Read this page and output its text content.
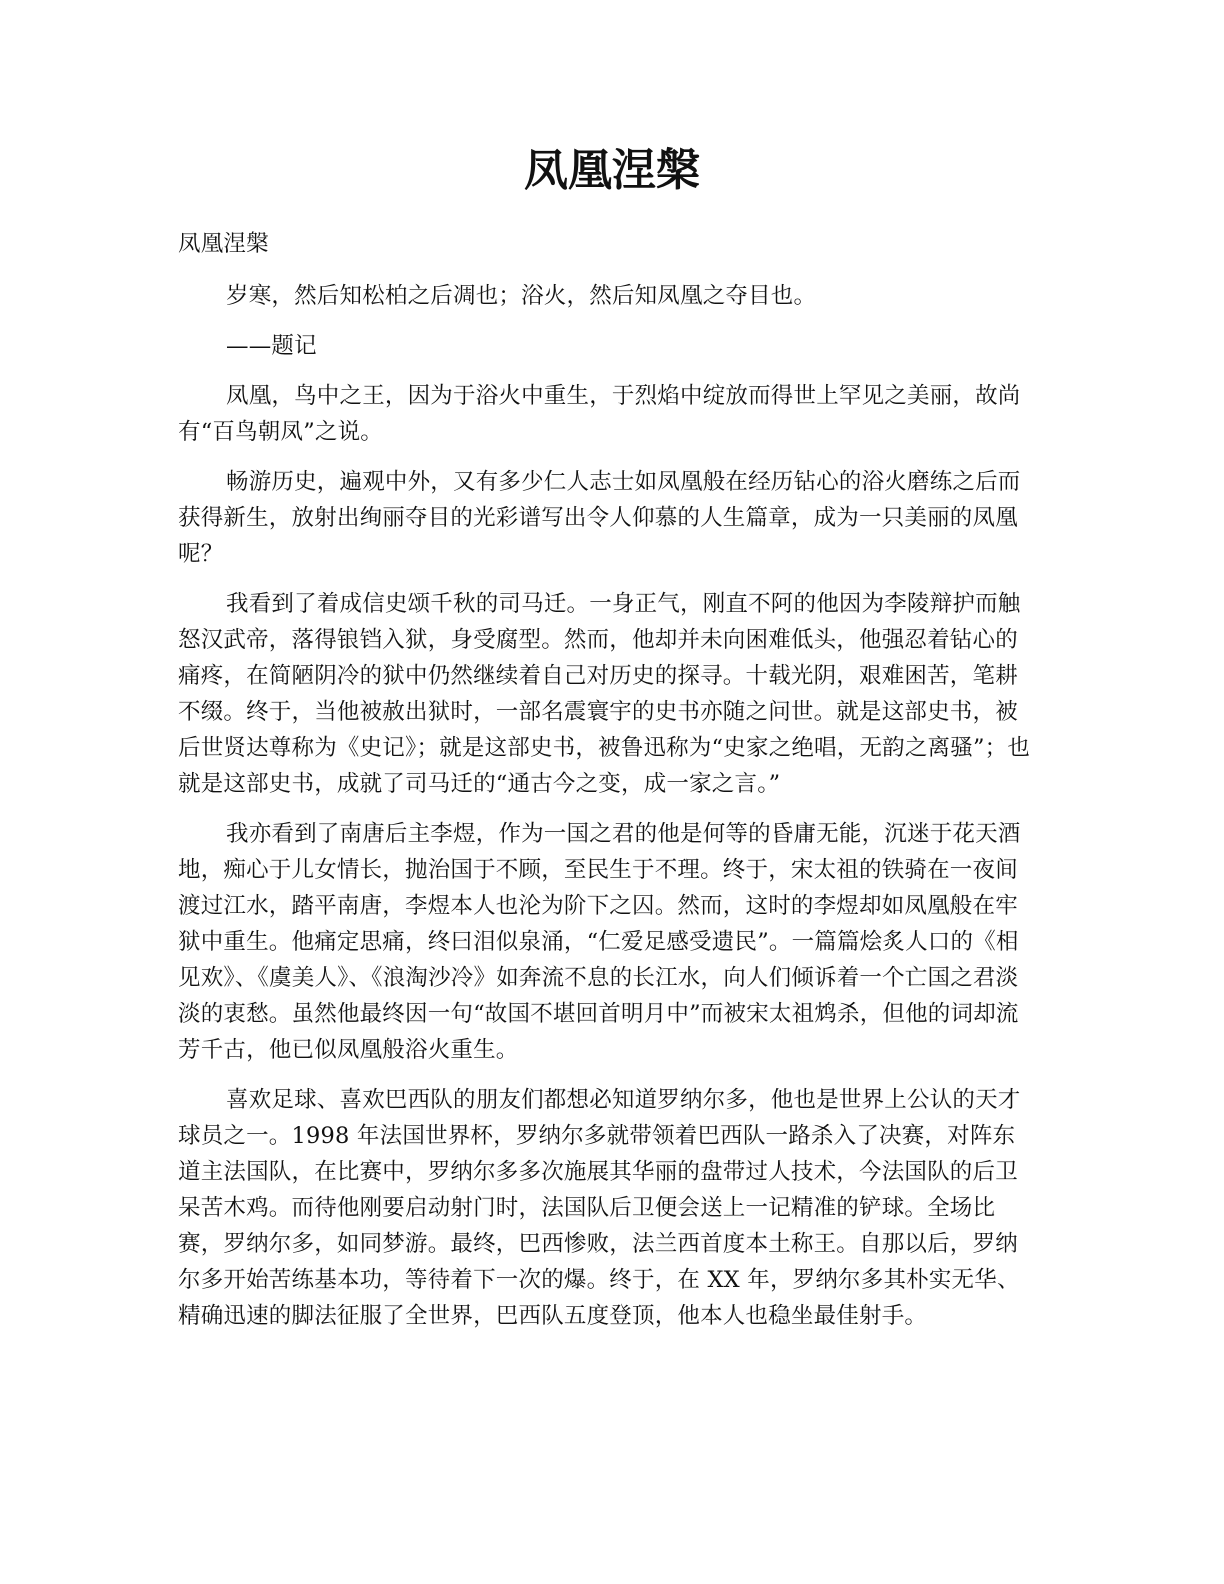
凤凰涅槃

凤凰涅槃

岁寒，然后知松柏之后凋也；浴火，然后知凤凰之夺目也。

——题记

凤凰，鸟中之王，因为于浴火中重生，于烈焰中绽放而得世上罕见之美丽，故尚有“百鸟朝凤”之说。

畅游历史，遍观中外，又有多少仁人志士如凤凰般在经历钻心的浴火磨练之后而获得新生，放射出绚丽夺目的光彩谱写出令人仰慕的人生篇章，成为一只美丽的凤凰呢？

我看到了着成信史颂千秋的司马迁。一身正气，刚直不阿的他因为李陵辩护而触怒汉武帝，落得锒铛入狱，身受腐型。然而，他却并未向困难低头，他强忍着钻心的痛疼，在简陋阴冷的狱中仍然继续着自己对历史的探寻。十载光阴，艰难困苦，笔耕不缀。终于，当他被赦出狱时，一部名震寰宇的史书亦随之问世。就是这部史书，被后世贤达尊称为《史记》；就是这部史书，被鲁迅称为“史家之绝唱，无韵之离骚”；也就是这部史书，成就了司马迁的“通古今之变，成一家之言。”

我亦看到了南唐后主李煜，作为一国之君的他是何等的昏庸无能，沉迷于花天酒地，痴心于儿女情长，抛治国于不顾，至民生于不理。终于，宋太祖的铁骑在一夜间渡过江水，踏平南唐，李煜本人也沦为阶下之囚。然而，这时的李煜却如凤凰般在牢狱中重生。他痛定思痛，终曰泪似泉涌，“仁爱足感受遗民”。一篇篇烩炙人口的《相见欢》、《虞美人》、《浪淘沙冷》如奔流不息的长江水，向人们倾诉着一个亡国之君淡淡的衷愁。虽然他最终因一句“故国不堪回首明月中”而被宋太祖鸩杀，但他的词却流芳千古，他已似凤凰般浴火重生。

喜欢足球、喜欢巴西队的朋友们都想必知道罗纳尔多，他也是世界上公认的天才球员之一。1998 年法国世界杯，罗纳尔多就带领着巴西队一路杀入了决赛，对阵东道主法国队，在比赛中，罗纳尔多多次施展其华丽的盘带过人技术，今法国队的后卫呆苦木鸡。而待他刚要启动射门时，法国队后卫便会送上一记精准的铲球。全场比赛，罗纳尔多，如同梦游。最终，巴西惨败，法兰西首度本土称王。自那以后，罗纳尔多开始苦练基本功，等待着下一次的爆。终于，在 XX 年，罗纳尔多其朴实无华、精确迅速的脚法征服了全世界，巴西队五度登顶，他本人也稳坐最佳射手。
